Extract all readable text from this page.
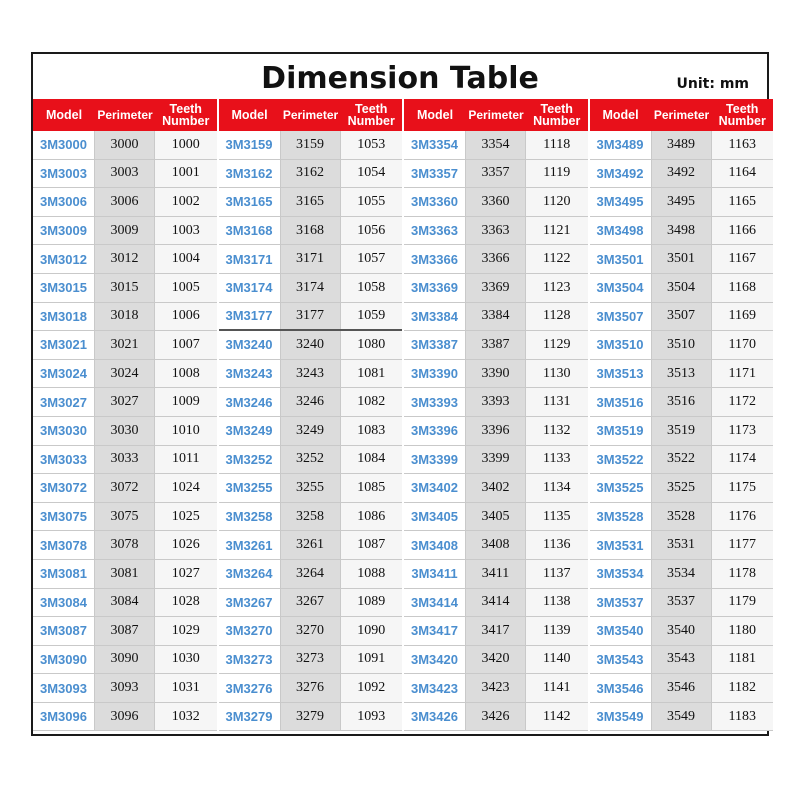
Dimension Table	Unit: mm
Model	Perimeter	Teeth Number
3M3000	3000	1000
3M3003	3003	1001
3M3006	3006	1002
3M3009	3009	1003
3M3012	3012	1004
3M3015	3015	1005
3M3018	3018	1006
3M3021	3021	1007
3M3024	3024	1008
3M3027	3027	1009
3M3030	3030	1010
3M3033	3033	1011
3M3072	3072	1024
3M3075	3075	1025
3M3078	3078	1026
3M3081	3081	1027
3M3084	3084	1028
3M3087	3087	1029
3M3090	3090	1030
3M3093	3093	1031
3M3096	3096	1032
Model	Perimeter	Teeth Number
3M3159	3159	1053
3M3162	3162	1054
3M3165	3165	1055
3M3168	3168	1056
3M3171	3171	1057
3M3174	3174	1058
3M3177	3177	1059
3M3240	3240	1080
3M3243	3243	1081
3M3246	3246	1082
3M3249	3249	1083
3M3252	3252	1084
3M3255	3255	1085
3M3258	3258	1086
3M3261	3261	1087
3M3264	3264	1088
3M3267	3267	1089
3M3270	3270	1090
3M3273	3273	1091
3M3276	3276	1092
3M3279	3279	1093
Model	Perimeter	Teeth Number
3M3354	3354	1118
3M3357	3357	1119
3M3360	3360	1120
3M3363	3363	1121
3M3366	3366	1122
3M3369	3369	1123
3M3384	3384	1128
3M3387	3387	1129
3M3390	3390	1130
3M3393	3393	1131
3M3396	3396	1132
3M3399	3399	1133
3M3402	3402	1134
3M3405	3405	1135
3M3408	3408	1136
3M3411	3411	1137
3M3414	3414	1138
3M3417	3417	1139
3M3420	3420	1140
3M3423	3423	1141
3M3426	3426	1142
Model	Perimeter	Teeth Number
3M3489	3489	1163
3M3492	3492	1164
3M3495	3495	1165
3M3498	3498	1166
3M3501	3501	1167
3M3504	3504	1168
3M3507	3507	1169
3M3510	3510	1170
3M3513	3513	1171
3M3516	3516	1172
3M3519	3519	1173
3M3522	3522	1174
3M3525	3525	1175
3M3528	3528	1176
3M3531	3531	1177
3M3534	3534	1178
3M3537	3537	1179
3M3540	3540	1180
3M3543	3543	1181
3M3546	3546	1182
3M3549	3549	1183
